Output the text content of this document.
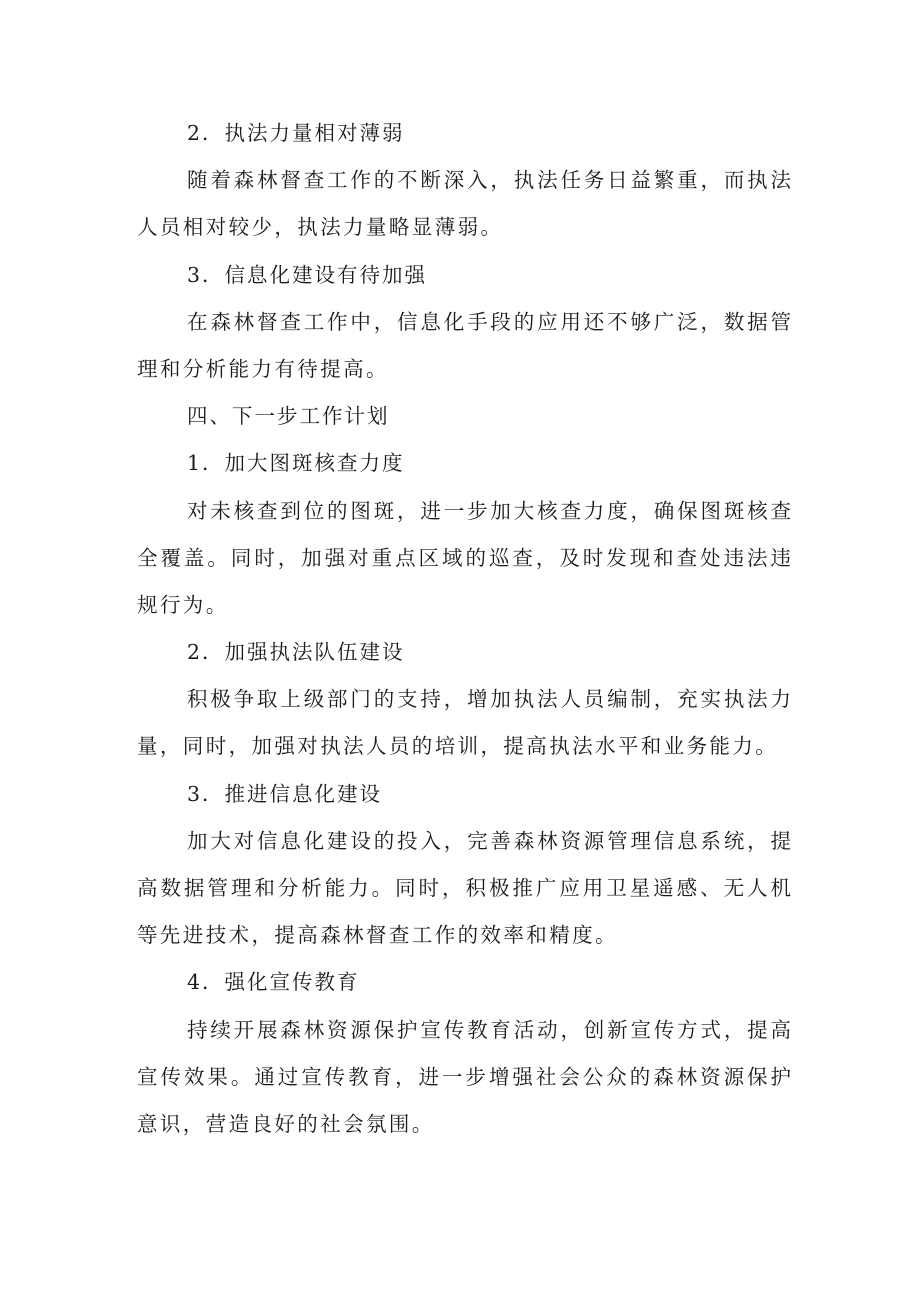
2．执法力量相对薄弱
随着森林督查工作的不断深入，执法任务日益繁重，而执法
人员相对较少，执法力量略显薄弱。
3．信息化建设有待加强
在森林督查工作中，信息化手段的应用还不够广泛，数据管
理和分析能力有待提高。
四、下一步工作计划
1．加大图斑核查力度
对未核查到位的图斑，进一步加大核查力度，确保图斑核查
全覆盖。同时，加强对重点区域的巡查，及时发现和查处违法违
规行为。
2．加强执法队伍建设
积极争取上级部门的支持，增加执法人员编制，充实执法力
量，同时，加强对执法人员的培训，提高执法水平和业务能力。
3．推进信息化建设
加大对信息化建设的投入，完善森林资源管理信息系统，提
高数据管理和分析能力。同时，积极推广应用卫星遥感、无人机
等先进技术，提高森林督查工作的效率和精度。
4．强化宣传教育
持续开展森林资源保护宣传教育活动，创新宣传方式，提高
宣传效果。通过宣传教育，进一步增强社会公众的森林资源保护
意识，营造良好的社会氛围。
